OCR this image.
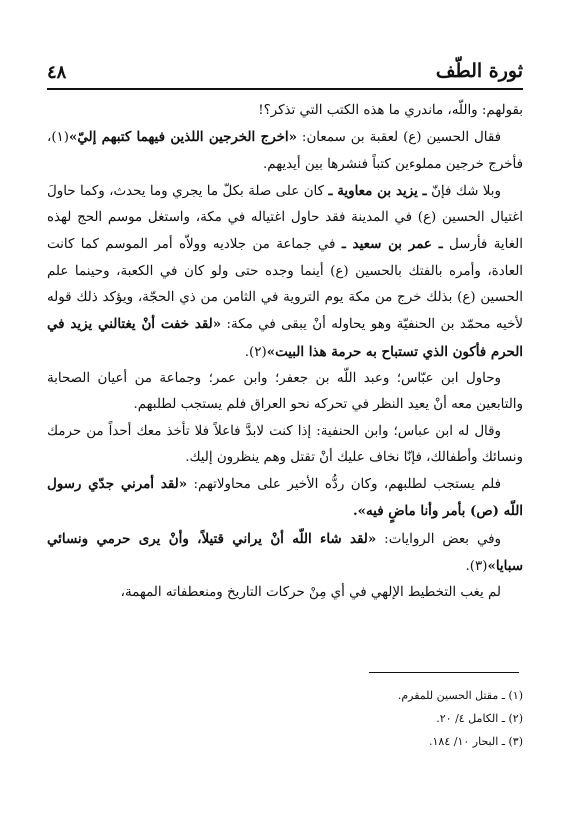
٤٨	ثورة الطّف

بقولهم: واللّه، ماندري ما هذه الكتب التي تذكر؟!

فقال الحسين (ع) لعقبة بن سمعان: «اخرج الخرجين اللذين فيهما كتبهم إليّ»(١)، فأخرج خرجين مملوءين كتباً فنشرها بين أيديهم.

وبلا شك فإنّ ـ يزيد بن معاوية ـ كان على صلة بكلّ ما يجري وما يحدث، وكما حاولَ اغتيال الحسين (ع) في المدينة فقد حاول اغتياله في مكة، واستغل موسم الحج لهذه الغاية فأرسل ـ عمر بن سعيد ـ في جماعة من جلاديه وولاّه أمر الموسم كما كانت العادة، وأمره بالفتك بالحسين (ع) أينما وجده حتى ولو كان في الكعبة، وحينما علم الحسين (ع) بذلك خرج من مكة يوم التروية في الثامن من ذي الحجّة، ويؤكد ذلك قوله لأخيه محمّد بن الحنفيّة وهو يحاوله أنْ يبقى في مكة: «لقد خفت أنْ يغتالني يزيد في الحرم فأكون الذي تستباح به حرمة هذا البيت»(٢).

وحاول ابن عبّاس؛ وعبد اللّه بن جعفر؛ وابن عمر؛ وجماعة من أعيان الصحابة والتابعين معه أنْ يعيد النظر في تحركه نحو العراق فلم يستجب لطلبهم.

وقال له ابن عباس؛ وابن الحنفية: إذا كنت لابدَّ فاعلاً فلا تأخذ معك أحداً من حرمك ونسائك وأطفالك، فإنّا نخاف عليك أنْ تقتل وهم ينظرون إليك.

فلم يستجب لطلبهم، وكان ردُّه الأخير على محاولاتهم: «لقد أمرني جدّي رسول اللّه (ص) بأمر وأنا ماضٍ فيه».

وفي بعض الروايات: «لقد شاء اللّه أنْ يراني قتيلاً، وأنْ يرى حرمي ونسائي سبايا»(٣).

لم يغب التخطيط الإلهي في أي مِنْ حركات التاريخ ومنعطفاته المهمة،

(١) ـ مقتل الحسين للمقرم.

(٢) ـ الكامل ٤/ ٢٠.

(٣) ـ البحار ١٠/ ١٨٤.
